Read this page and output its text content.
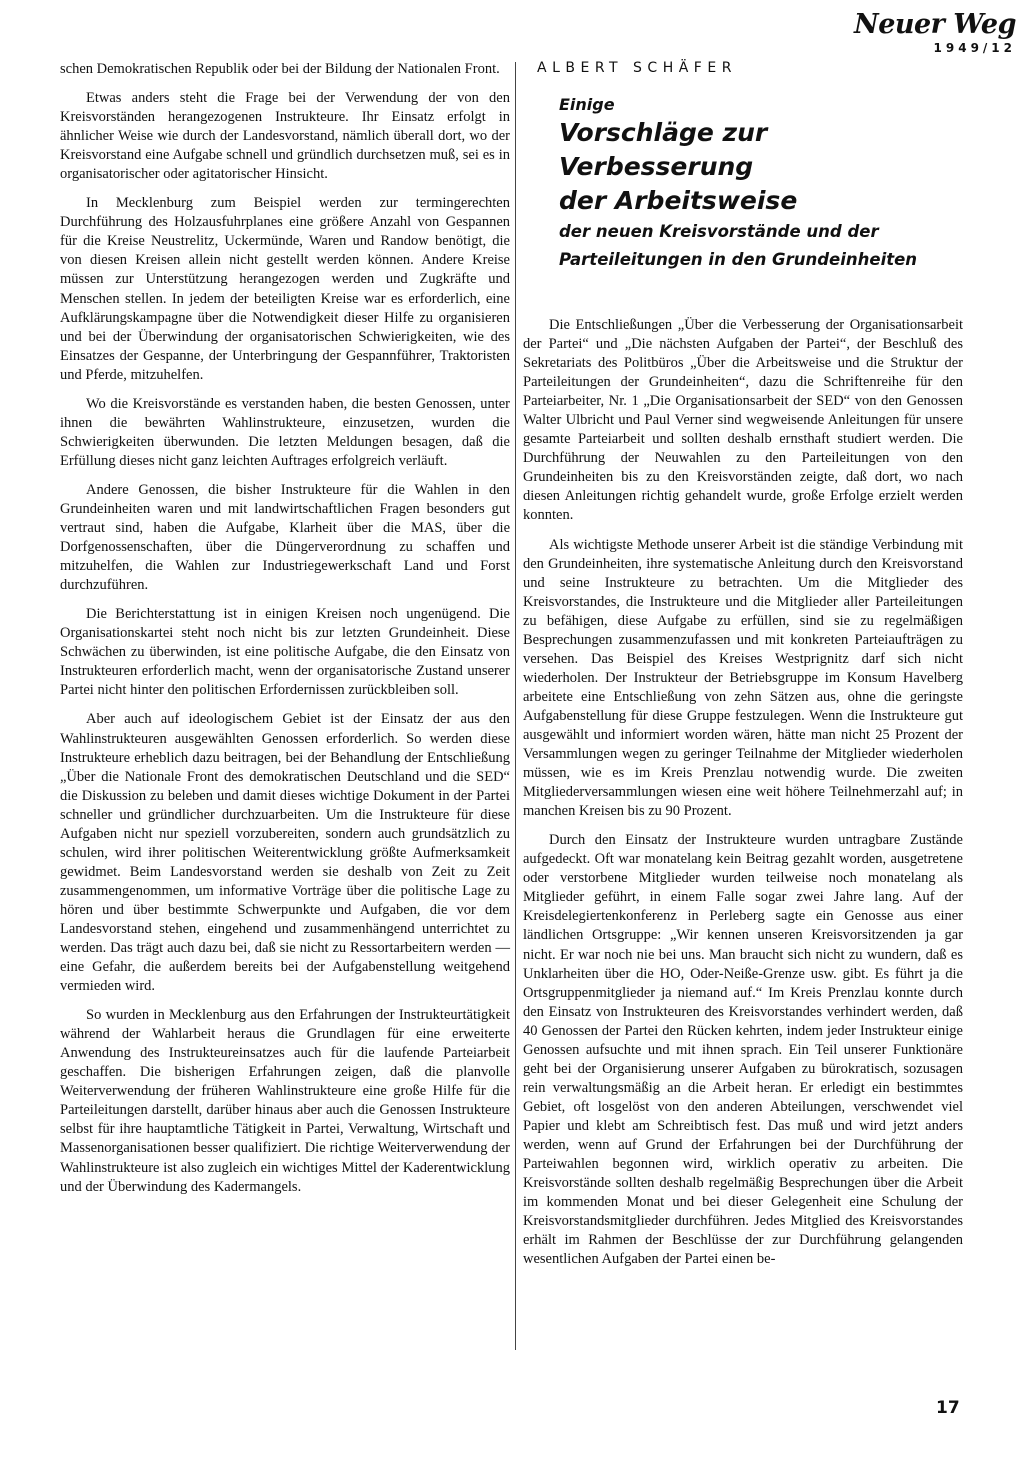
Neuer Weg
1949/12

schen Demokratischen Republik oder bei der Bildung der Nationalen Front.

Etwas anders steht die Frage bei der Verwendung der von den Kreisvorständen herangezogenen Instrukteure. Ihr Einsatz erfolgt in ähnlicher Weise wie durch der Landesvorstand, nämlich überall dort, wo der Kreisvorstand eine Aufgabe schnell und gründlich durchsetzen muß, sei es in organisatorischer oder agitatorischer Hinsicht.

In Mecklenburg zum Beispiel werden zur termingerechten Durchführung des Holzausfuhrplanes eine größere Anzahl von Gespannen für die Kreise Neustrelitz, Uckermünde, Waren und Randow benötigt, die von diesen Kreisen allein nicht gestellt werden können. Andere Kreise müssen zur Unterstützung herangezogen werden und Zugkräfte und Menschen stellen. In jedem der beteiligten Kreise war es erforderlich, eine Aufklärungskampagne über die Notwendigkeit dieser Hilfe zu organisieren und bei der Überwindung der organisatorischen Schwierigkeiten, wie des Einsatzes der Gespanne, der Unterbringung der Gespannführer, Traktoristen und Pferde, mitzuhelfen.

Wo die Kreisvorstände es verstanden haben, die besten Genossen, unter ihnen die bewährten Wahlinstrukteure, einzusetzen, wurden die Schwierigkeiten überwunden. Die letzten Meldungen besagen, daß die Erfüllung dieses nicht ganz leichten Auftrages erfolgreich verläuft.

Andere Genossen, die bisher Instrukteure für die Wahlen in den Grundeinheiten waren und mit landwirtschaftlichen Fragen besonders gut vertraut sind, haben die Aufgabe, Klarheit über die MAS, über die Dorfgenossenschaften, über die Düngerverordnung zu schaffen und mitzuhelfen, die Wahlen zur Industriegewerkschaft Land und Forst durchzuführen.

Die Berichterstattung ist in einigen Kreisen noch ungenügend. Die Organisationskartei steht noch nicht bis zur letzten Grundeinheit. Diese Schwächen zu überwinden, ist eine politische Aufgabe, die den Einsatz von Instrukteuren erforderlich macht, wenn der organisatorische Zustand unserer Partei nicht hinter den politischen Erfordernissen zurückbleiben soll.

Aber auch auf ideologischem Gebiet ist der Einsatz der aus den Wahlinstrukteuren ausgewählten Genossen erforderlich. So werden diese Instrukteure erheblich dazu beitragen, bei der Behandlung der Entschließung „Über die Nationale Front des demokratischen Deutschland und die SED“ die Diskussion zu beleben und damit dieses wichtige Dokument in der Partei schneller und gründlicher durchzuarbeiten. Um die Instrukteure für diese Aufgaben nicht nur speziell vorzubereiten, sondern auch grundsätzlich zu schulen, wird ihrer politischen Weiterentwicklung größte Aufmerksamkeit gewidmet. Beim Landesvorstand werden sie deshalb von Zeit zu Zeit zusammengenommen, um informative Vorträge über die politische Lage zu hören und über bestimmte Schwerpunkte und Aufgaben, die vor dem Landesvorstand stehen, eingehend und zusammenhängend unterrichtet zu werden. Das trägt auch dazu bei, daß sie nicht zu Ressortarbeitern werden — eine Gefahr, die außerdem bereits bei der Aufgabenstellung weitgehend vermieden wird.

So wurden in Mecklenburg aus den Erfahrungen der Instrukteurtätigkeit während der Wahlarbeit heraus die Grundlagen für eine erweiterte Anwendung des Instrukteureinsatzes auch für die laufende Parteiarbeit geschaffen. Die bisherigen Erfahrungen zeigen, daß die planvolle Weiterverwendung der früheren Wahlinstrukteure eine große Hilfe für die Parteileitungen darstellt, darüber hinaus aber auch die Genossen Instrukteure selbst für ihre hauptamtliche Tätigkeit in Partei, Verwaltung, Wirtschaft und Massenorganisationen besser qualifiziert. Die richtige Weiterverwendung der Wahlinstrukteure ist also zugleich ein wichtiges Mittel der Kaderentwicklung und der Überwindung des Kadermangels.

ALBERT SCHÄFER
Einige
Vorschläge zur Verbesserung
der Arbeitsweise
der neuen Kreisvorstände und der
Parteileitungen in den Grundeinheiten

Die Entschließungen „Über die Verbesserung der Organisationsarbeit der Partei“ und „Die nächsten Aufgaben der Partei“, der Beschluß des Sekretariats des Politbüros „Über die Arbeitsweise und die Struktur der Parteileitungen der Grundeinheiten“, dazu die Schriftenreihe für den Parteiarbeiter, Nr. 1 „Die Organisationsarbeit der SED“ von den Genossen Walter Ulbricht und Paul Verner sind wegweisende Anleitungen für unsere gesamte Parteiarbeit und sollten deshalb ernsthaft studiert werden. Die Durchführung der Neuwahlen zu den Parteileitungen von den Grundeinheiten bis zu den Kreisvorständen zeigte, daß dort, wo nach diesen Anleitungen richtig gehandelt wurde, große Erfolge erzielt werden konnten.

Als wichtigste Methode unserer Arbeit ist die ständige Verbindung mit den Grundeinheiten, ihre systematische Anleitung durch den Kreisvorstand und seine Instrukteure zu betrachten. Um die Mitglieder des Kreisvorstandes, die Instrukteure und die Mitglieder aller Parteileitungen zu befähigen, diese Aufgabe zu erfüllen, sind sie zu regelmäßigen Besprechungen zusammenzufassen und mit konkreten Parteiaufträgen zu versehen. Das Beispiel des Kreises Westprignitz darf sich nicht wiederholen. Der Instrukteur der Betriebsgruppe im Konsum Havelberg arbeitete eine Entschließung von zehn Sätzen aus, ohne die geringste Aufgabenstellung für diese Gruppe festzulegen. Wenn die Instrukteure gut ausgewählt und informiert worden wären, hätte man nicht 25 Prozent der Versammlungen wegen zu geringer Teilnahme der Mitglieder wiederholen müssen, wie es im Kreis Prenzlau notwendig wurde. Die zweiten Mitgliederversammlungen wiesen eine weit höhere Teilnehmerzahl auf; in manchen Kreisen bis zu 90 Prozent.

Durch den Einsatz der Instrukteure wurden untragbare Zustände aufgedeckt. Oft war monatelang kein Beitrag gezahlt worden, ausgetretene oder verstorbene Mitglieder wurden teilweise noch monatelang als Mitglieder geführt, in einem Falle sogar zwei Jahre lang. Auf der Kreisdelegiertenkonferenz in Perleberg sagte ein Genosse aus einer ländlichen Ortsgruppe: „Wir kennen unseren Kreisvorsitzenden ja gar nicht. Er war noch nie bei uns. Man braucht sich nicht zu wundern, daß es Unklarheiten über die HO, Oder-Neiße-Grenze usw. gibt. Es führt ja die Ortsgruppenmitglieder ja niemand auf.“ Im Kreis Prenzlau konnte durch den Einsatz von Instrukteuren des Kreisvorstandes verhindert werden, daß 40 Genossen der Partei den Rücken kehrten, indem jeder Instrukteur einige Genossen aufsuchte und mit ihnen sprach. Ein Teil unserer Funktionäre geht bei der Organisierung unserer Aufgaben zu bürokratisch, sozusagen rein verwaltungsmäßig an die Arbeit heran. Er erledigt ein bestimmtes Gebiet, oft losgelöst von den anderen Abteilungen, verschwendet viel Papier und klebt am Schreibtisch fest. Das muß und wird jetzt anders werden, wenn auf Grund der Erfahrungen bei der Durchführung der Parteiwahlen begonnen wird, wirklich operativ zu arbeiten. Die Kreisvorstände sollten deshalb regelmäßig Besprechungen über die Arbeit im kommenden Monat und bei dieser Gelegenheit eine Schulung der Kreisvorstandsmitglieder durchführen. Jedes Mitglied des Kreisvorstandes erhält im Rahmen der Beschlüsse der zur Durchführung gelangenden wesentlichen Aufgaben der Partei einen be-

17
